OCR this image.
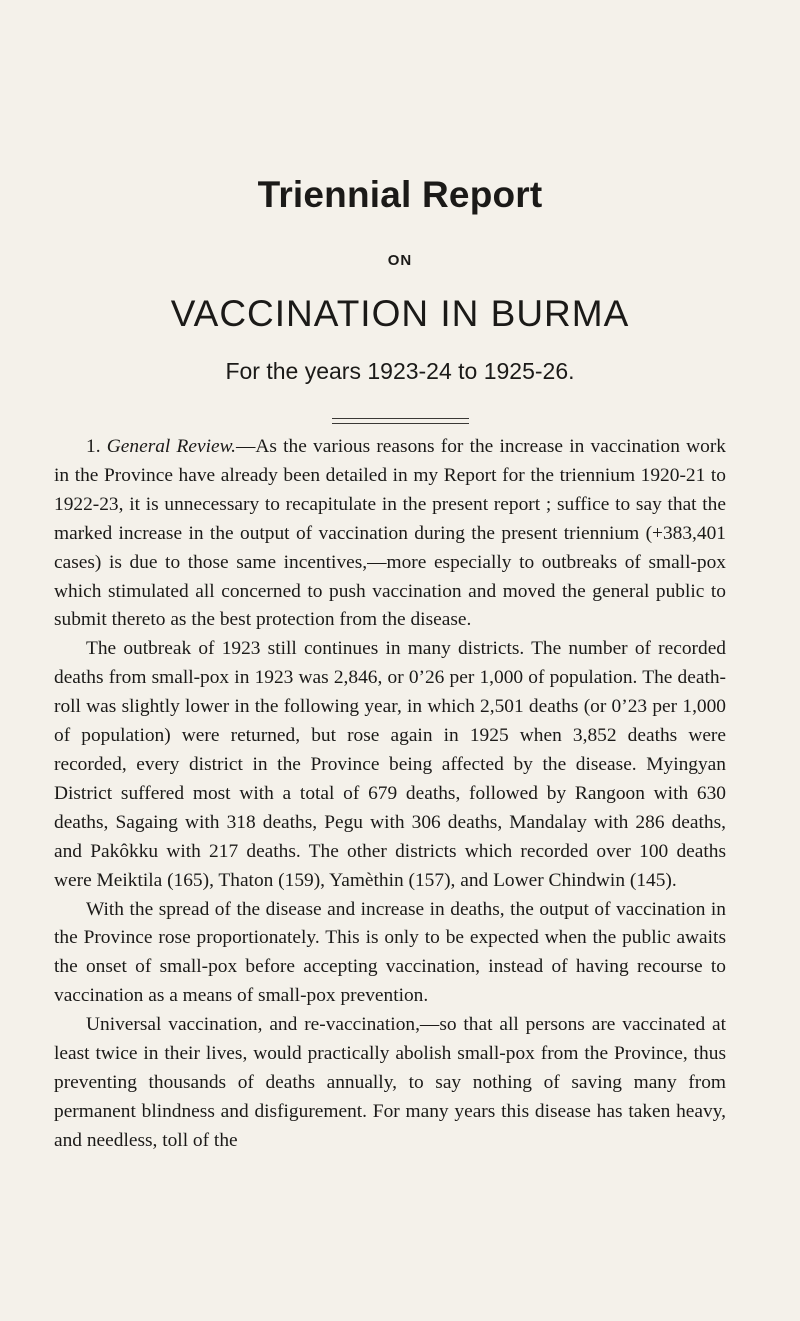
Triennial Report
ON
VACCINATION IN BURMA
For the years 1923-24 to 1925-26.

1. General Review.—As the various reasons for the increase in vaccination work in the Province have already been detailed in my Report for the triennium 1920-21 to 1922-23, it is unnecessary to recapitulate in the present report ; suffice to say that the marked increase in the output of vaccination during the present triennium (+383,401 cases) is due to those same incentives,—more especially to outbreaks of small-pox which stimulated all concerned to push vaccination and moved the general public to submit thereto as the best protection from the disease.

The outbreak of 1923 still continues in many districts. The number of recorded deaths from small-pox in 1923 was 2,846, or 0’26 per 1,000 of population. The death-roll was slightly lower in the following year, in which 2,501 deaths (or 0’23 per 1,000 of population) were returned, but rose again in 1925 when 3,852 deaths were recorded, every district in the Province being affected by the disease. Myingyan District suffered most with a total of 679 deaths, followed by Rangoon with 630 deaths, Sagaing with 318 deaths, Pegu with 306 deaths, Mandalay with 286 deaths, and Pakôkku with 217 deaths. The other districts which recorded over 100 deaths were Meiktila (165), Thaton (159), Yamèthin (157), and Lower Chindwin (145).

With the spread of the disease and increase in deaths, the output of vaccination in the Province rose proportionately. This is only to be expected when the public awaits the onset of small-pox before accepting vaccination, instead of having recourse to vaccination as a means of small-pox prevention.

Universal vaccination, and re-vaccination,—so that all persons are vaccinated at least twice in their lives, would practically abolish small-pox from the Province, thus preventing thousands of deaths annually, to say nothing of saving many from permanent blindness and disfigurement. For many years this disease has taken heavy, and needless, toll of the
